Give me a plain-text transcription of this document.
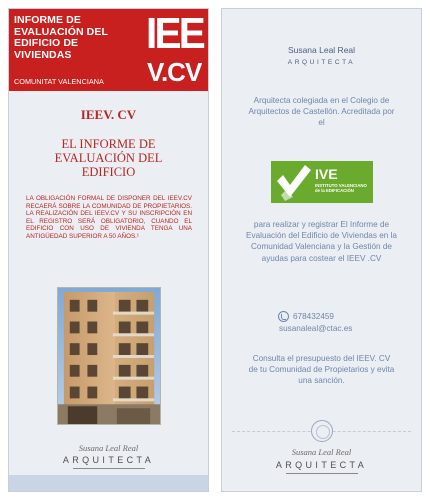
INFORME DE
EVALUACIÓN DEL
EDIFICIO DE
VIVIENDAS
COMUNITAT VALENCIANA
IEE
V.CV
IEEV. CV
EL INFORME DE EVALUACIÓN DEL EDIFICIO
LA OBLIGACIÓN FORMAL DE DISPONER DEL IEEV.CV RECAERÁ SOBRE LA COMUNIDAD DE PROPIETARIOS. LA REALIZACIÓN DEL IEEV.CV Y SU INSCRIPCIÓN EN EL REGISTRO SERÁ OBLIGATORIO, CUANDO EL EDIFICIO CON USO DE VIVIENDA TENGA UNA ANTIGÜEDAD SUPERIOR A 50 AÑOS.¹
Susana Leal Real
ARQUITECTA
Susana Leal Real
ARQUITECTA
Arquitecta colegiada en el Colegio de Arquitectos de Castellón. Acreditada por el
IVE
INSTITUTO VALENCIANO
de la EDIFICACIÓN
para realizar y registrar El Informe de Evaluación del Edificio de Viviendas en la Comunidad Valenciana y la Gestión de ayudas para costear el IEEV .CV
678432459
susanaleal@ctac.es
Consulta el presupuesto del IEEV. CV de tu Comunidad de Propietarios y evita una sanción.
Susana Leal Real
ARQUITECTA
